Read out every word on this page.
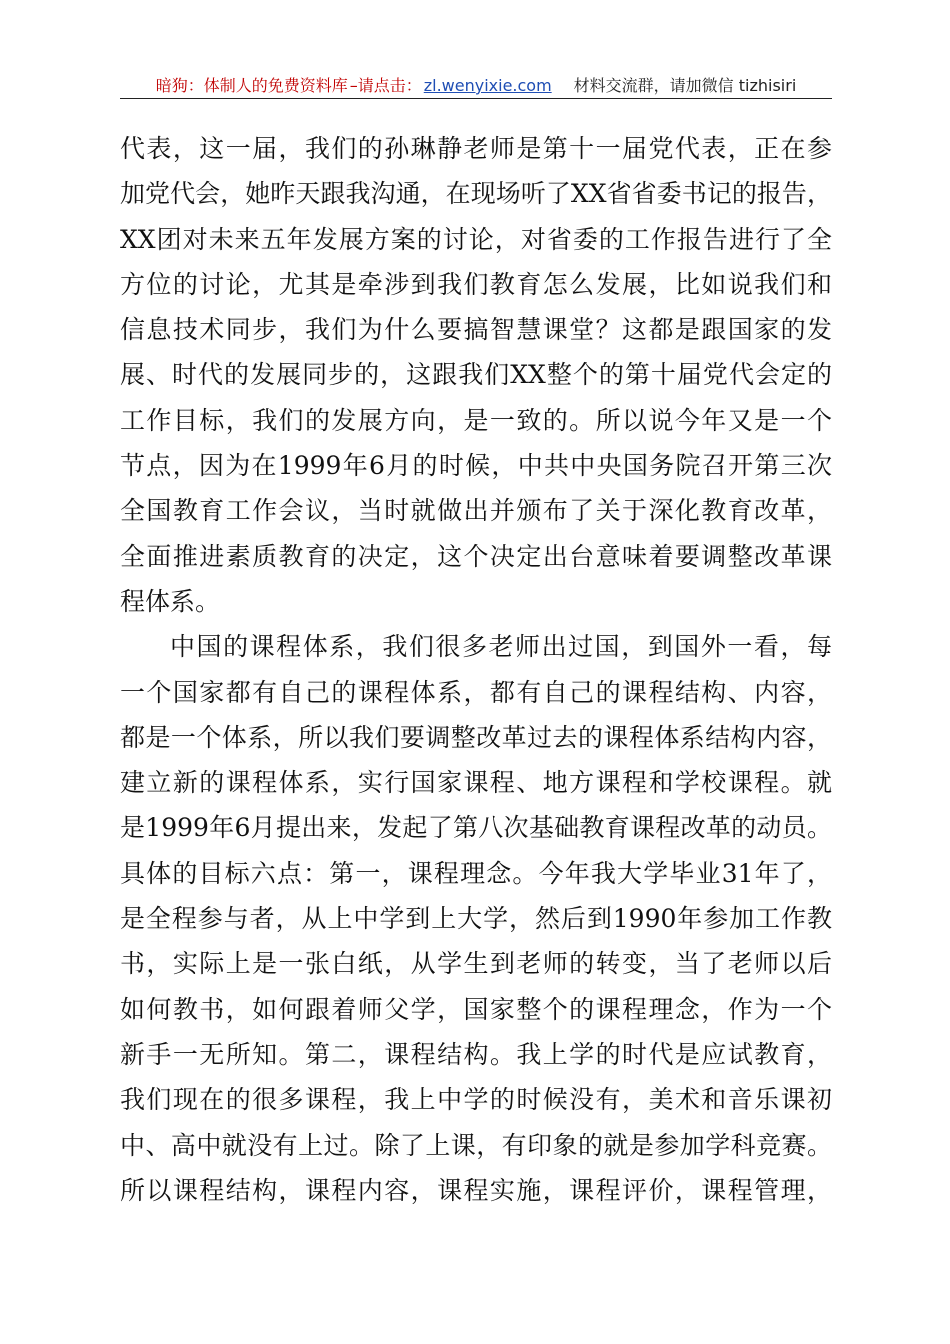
暗狗：体制人的免费资料库 –请点击： zl.wenyixie.com 材料交流群，请加微信 tizhisiri
代表，这一届，我们的孙琳静老师是第十一届党代表，正在参
加党代会，她昨天跟我沟通，在现场听了XX省省委书记的报告，
XX团对未来五年发展方案的讨论，对省委的工作报告进行了全
方位的讨论，尤其是牵涉到我们教育怎么发展，比如说我们和
信息技术同步，我们为什么要搞智慧课堂？这都是跟国家的发
展、时代的发展同步的，这跟我们XX整个的第十届党代会定的
工作目标，我们的发展方向，是一致的。所以说今年又是一个
节点，因为在1999年6月的时候，中共中央国务院召开第三次
全国教育工作会议，当时就做出并颁布了关于深化教育改革，
全面推进素质教育的决定，这个决定出台意味着要调整改革课
程体系。
中国的课程体系，我们很多老师出过国，到国外一看，每
一个国家都有自己的课程体系，都有自己的课程结构、内容，
都是一个体系，所以我们要调整改革过去的课程体系结构内容，
建立新的课程体系，实行国家课程、地方课程和学校课程。就
是1999年6月提出来，发起了第八次基础教育课程改革的动员。
具体的目标六点：第一，课程理念。今年我大学毕业31年了，
是全程参与者，从上中学到上大学，然后到1990年参加工作教
书，实际上是一张白纸，从学生到老师的转变，当了老师以后
如何教书，如何跟着师父学，国家整个的课程理念，作为一个
新手一无所知。第二，课程结构。我上学的时代是应试教育，
我们现在的很多课程，我上中学的时候没有，美术和音乐课初
中、高中就没有上过。除了上课，有印象的就是参加学科竞赛。
所以课程结构，课程内容，课程实施，课程评价，课程管理，
